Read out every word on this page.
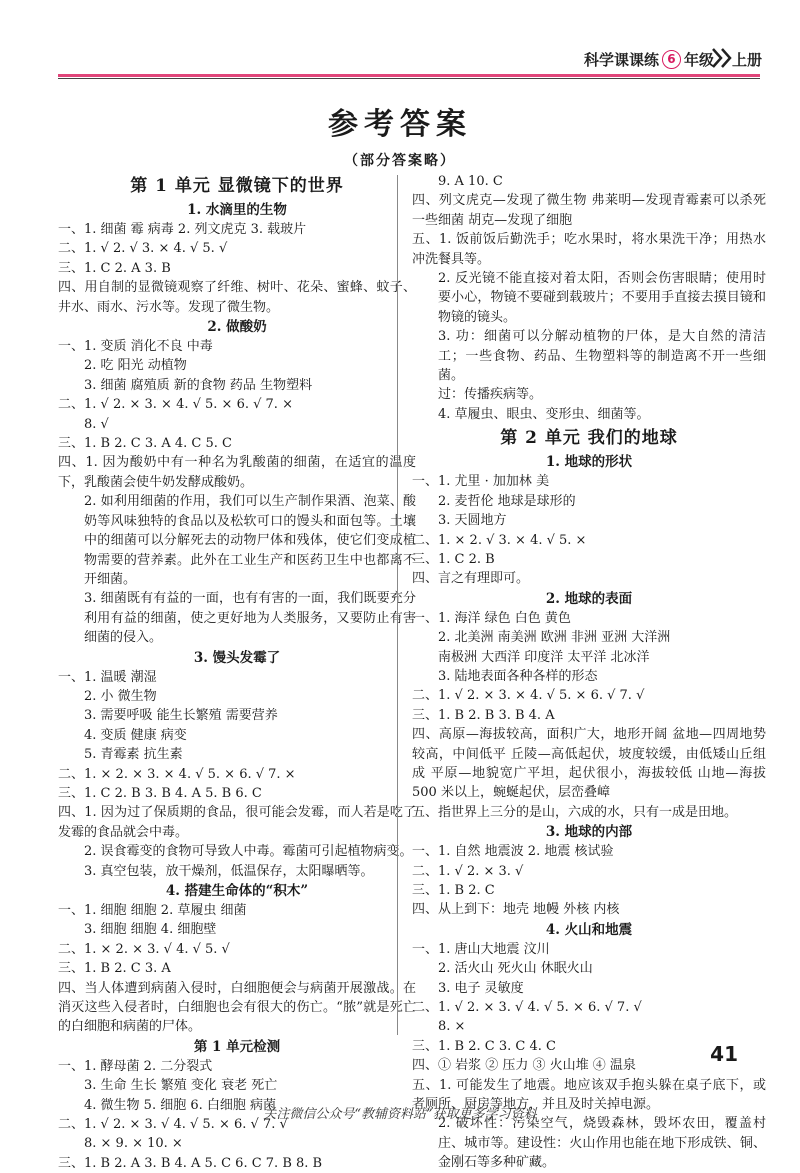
科学课课练 6 年级 上册
参考答案
（部分答案略）
第 1 单元 显微镜下的世界
1. 水滴里的生物
一、1. 细菌 霉 病毒 2. 列文虎克 3. 载玻片
二、1. √ 2. √ 3. × 4. √ 5. √
三、1. C 2. A 3. B
四、用自制的显微镜观察了纤维、树叶、花朵、蜜蜂、蚊子、井水、雨水、污水等。发现了微生物。
2. 做酸奶
一、1. 变质 消化不良 中毒
2. 吃 阳光 动植物
3. 细菌 腐殖质 新的食物 药品 生物塑料
二、1. √ 2. × 3. × 4. √ 5. × 6. √ 7. ×
8. √
三、1. B 2. C 3. A 4. C 5. C
四、1. 因为酸奶中有一种名为乳酸菌的细菌，在适宜的温度下，乳酸菌会使牛奶发酵成酸奶。
2. 如利用细菌的作用，我们可以生产制作果酒、泡菜、酸奶等风味独特的食品以及松软可口的馒头和面包等。土壤中的细菌可以分解死去的动物尸体和残体，使它们变成植物需要的营养素。此外在工业生产和医药卫生中也都离不开细菌。
3. 细菌既有有益的一面，也有有害的一面，我们既要充分利用有益的细菌，使之更好地为人类服务，又要防止有害细菌的侵入。
3. 馒头发霉了
一、1. 温暖 潮湿
2. 小 微生物
3. 需要呼吸 能生长繁殖 需要营养
4. 变质 健康 病变
5. 青霉素 抗生素
二、1. × 2. × 3. × 4. √ 5. × 6. √ 7. ×
三、1. C 2. B 3. B 4. A 5. B 6. C
四、1. 因为过了保质期的食品，很可能会发霉，而人若是吃了发霉的食品就会中毒。
2. 误食霉变的食物可导致人中毒。霉菌可引起植物病变。
3. 真空包装，放干燥剂，低温保存，太阳曝晒等。
4. 搭建生命体的“积木”
一、1. 细胞 细胞 2. 草履虫 细菌
3. 细胞 细胞 4. 细胞壁
二、1. × 2. × 3. √ 4. √ 5. √
三、1. B 2. C 3. A
四、当人体遭到病菌入侵时，白细胞便会与病菌开展激战。在消灭这些入侵者时，白细胞也会有很大的伤亡。“脓”就是死亡的白细胞和病菌的尸体。
第 1 单元检测
一、1. 酵母菌 2. 二分裂式
3. 生命 生长 繁殖 变化 衰老 死亡
4. 微生物 5. 细胞 6. 白细胞 病菌
二、1. √ 2. × 3. √ 4. √ 5. × 6. √ 7. √
8. × 9. × 10. ×
三、1. B 2. A 3. B 4. A 5. C 6. C 7. B 8. B
9. A 10. C
四、列文虎克—发现了微生物 弗莱明—发现青霉素可以杀死一些细菌 胡克—发现了细胞
五、1. 饭前饭后勤洗手；吃水果时，将水果洗干净；用热水冲洗餐具等。
2. 反光镜不能直接对着太阳，否则会伤害眼睛；使用时要小心，物镜不要碰到载玻片；不要用手直接去摸目镜和物镜的镜头。
3. 功：细菌可以分解动植物的尸体，是大自然的清洁工；一些食物、药品、生物塑料等的制造离不开一些细菌。
过：传播疾病等。
4. 草履虫、眼虫、变形虫、细菌等。
第 2 单元 我们的地球
1. 地球的形状
一、1. 尤里 · 加加林 美
2. 麦哲伦 地球是球形的
3. 天圆地方
二、1. × 2. √ 3. × 4. √ 5. ×
三、1. C 2. B
四、言之有理即可。
2. 地球的表面
一、1. 海洋 绿色 白色 黄色
2. 北美洲 南美洲 欧洲 非洲 亚洲 大洋洲
南极洲 大西洋 印度洋 太平洋 北冰洋
3. 陆地表面各种各样的形态
二、1. √ 2. × 3. × 4. √ 5. × 6. √ 7. √
三、1. B 2. B 3. B 4. A
四、高原—海拔较高，面积广大，地形开阔 盆地—四周地势较高，中间低平 丘陵—高低起伏，坡度较缓，由低矮山丘组成 平原—地貌宽广平坦，起伏很小，海拔较低 山地—海拔 500 米以上，蜿蜒起伏，层峦叠嶂
五、指世界上三分的是山，六成的水，只有一成是田地。
3. 地球的内部
一、1. 自然 地震波 2. 地震 核试验
二、1. √ 2. × 3. √
三、1. B 2. C
四、从上到下：地壳 地幔 外核 内核
4. 火山和地震
一、1. 唐山大地震 汶川
2. 活火山 死火山 休眠火山
3. 电子 灵敏度
二、1. √ 2. × 3. √ 4. √ 5. × 6. √ 7. √
8. ×
三、1. B 2. C 3. C 4. C
四、① 岩浆 ② 压力 ③ 火山堆 ④ 温泉
五、1. 可能发生了地震。地应该双手抱头躲在桌子底下，或者厕所、厨房等地方，并且及时关掉电源。
2. 破坏性：污染空气，烧毁森林，毁坏农田，覆盖村庄、城市等。建设性：火山作用也能在地下形成铁、铜、金刚石等多种矿藏。
41
关注微信公众号“教辅资料站”获取更多学习资料
